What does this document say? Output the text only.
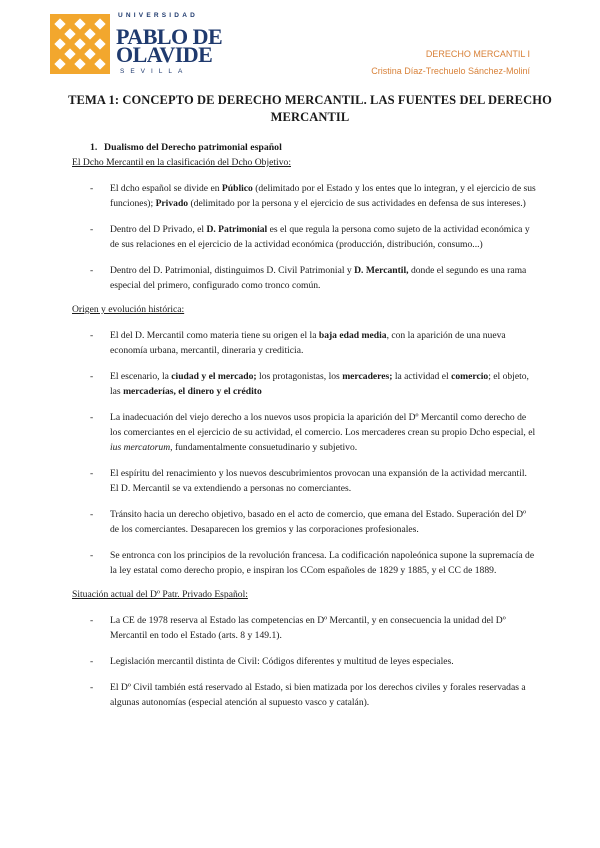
UNIVERSIDAD
PABLO DE
OLAVIDE
SEVILLA
DERECHO MERCANTIL I
Cristina Díaz-Trechuelo Sánchez-Moliní
TEMA 1: CONCEPTO DE DERECHO MERCANTIL. LAS FUENTES DEL DERECHO MERCANTIL
1. Dualismo del Derecho patrimonial español
El Dcho Mercantil en la clasificación del Dcho Objetivo:
- El dcho español se divide en Público (delimitado por el Estado y los entes que lo integran, y el ejercicio de sus funciones); Privado (delimitado por la persona y el ejercicio de sus actividades en defensa de sus intereses.)
- Dentro del D Privado, el D. Patrimonial es el que regula la persona como sujeto de la actividad económica y de sus relaciones en el ejercicio de la actividad económica (producción, distribución, consumo...)
- Dentro del D. Patrimonial, distinguimos D. Civil Patrimonial y D. Mercantil, donde el segundo es una rama especial del primero, configurado como tronco común.
Origen y evolución histórica:
- El del D. Mercantil como materia tiene su origen el la baja edad media, con la aparición de una nueva economía urbana, mercantil, dineraria y crediticia.
- El escenario, la ciudad y el mercado; los protagonistas, los mercaderes; la actividad el comercio; el objeto, las mercaderías, el dinero y el crédito
- La inadecuación del viejo derecho a los nuevos usos propicia la aparición del Dº Mercantil como derecho de los comerciantes en el ejercicio de su actividad, el comercio. Los mercaderes crean su propio Dcho especial, el ius mercatorum, fundamentalmente consuetudinario y subjetivo.
- El espíritu del renacimiento y los nuevos descubrimientos provocan una expansión de la actividad mercantil. El D. Mercantil se va extendiendo a personas no comerciantes.
- Tránsito hacia un derecho objetivo, basado en el acto de comercio, que emana del Estado. Superación del Dº de los comerciantes. Desaparecen los gremios y las corporaciones profesionales.
- Se entronca con los principios de la revolución francesa. La codificación napoleónica supone la supremacía de la ley estatal como derecho propio, e inspiran los CCom españoles de 1829 y 1885, y el CC de 1889.
Situación actual del Dº Patr. Privado Español:
- La CE de 1978 reserva al Estado las competencias en Dº Mercantil, y en consecuencia la unidad del Dº Mercantil en todo el Estado (arts. 8 y 149.1).
- Legislación mercantil distinta de Civil: Códigos diferentes y multitud de leyes especiales.
- El Dº Civil también está reservado al Estado, si bien matizada por los derechos civiles y forales reservadas a algunas autonomías (especial atención al supuesto vasco y catalán).
